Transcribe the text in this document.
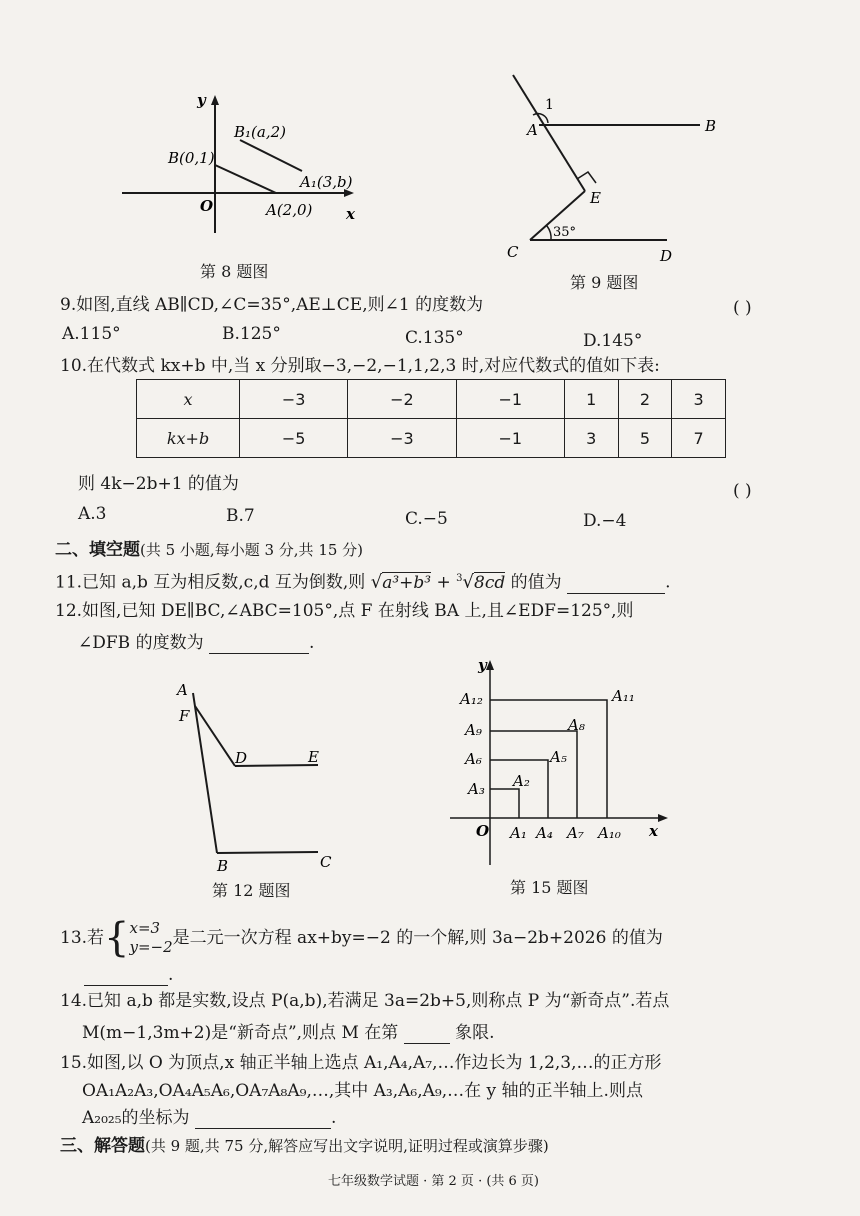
y
x
O
B(0,1)
B₁(a,2)
A(2,0)
A₁(3,b)
第 8 题图
1
A	B
E
C	D
35°
第 9 题图
9.如图,直线 AB∥CD,∠C=35°,AE⊥CE,则∠1 的度数为	( )
A.115°	B.125°	C.135°	D.145°
10.在代数式 kx+b 中,当 x 分别取−3,−2,−1,1,2,3 时,对应代数式的值如下表:
x	−3	−2	−1	1	2	3
kx+b	−5	−3	−1	3	5	7
则 4k−2b+1 的值为	( )
A.3	B.7	C.−5	D.−4
二、填空题(共 5 小题,每小题 3 分,共 15 分)
11.已知 a,b 互为相反数,c,d 互为倒数,则 √a³+b³ + $^3$√8cd 的值为	.
12.如图,已知 DE∥BC,∠ABC=105°,点 F 在射线 BA 上,且∠EDF=125°,则
∠DFB 的度数为	.
A
F
D	E
B	C
第 12 题图
y
x
O A₁ A₄ A₇ A₁₀
A₃
A₆
A₉
A₁₂
A₂
A₅
A₈
A₁₁
第 15 题图
13.若{x=3
y=−2是二元一次方程 ax+by=−2 的一个解,则 3a−2b+2026 的值为
.
14.已知 a,b 都是实数,设点 P(a,b),若满足 3a=2b+5,则称点 P 为“新奇点”.若点
M(m−1,3m+2)是“新奇点”,则点 M 在第	象限.
15.如图,以 O 为顶点,x 轴正半轴上选点 A₁,A₄,A₇,…作边长为 1,2,3,…的正方形
OA₁A₂A₃,OA₄A₅A₆,OA₇A₈A₉,…,其中 A₃,A₆,A₉,…在 y 轴的正半轴上.则点
A₂₀₂₅的坐标为	.
三、解答题(共 9 题,共 75 分,解答应写出文字说明,证明过程或演算步骤)
七年级数学试题 · 第 2 页 · (共 6 页)
